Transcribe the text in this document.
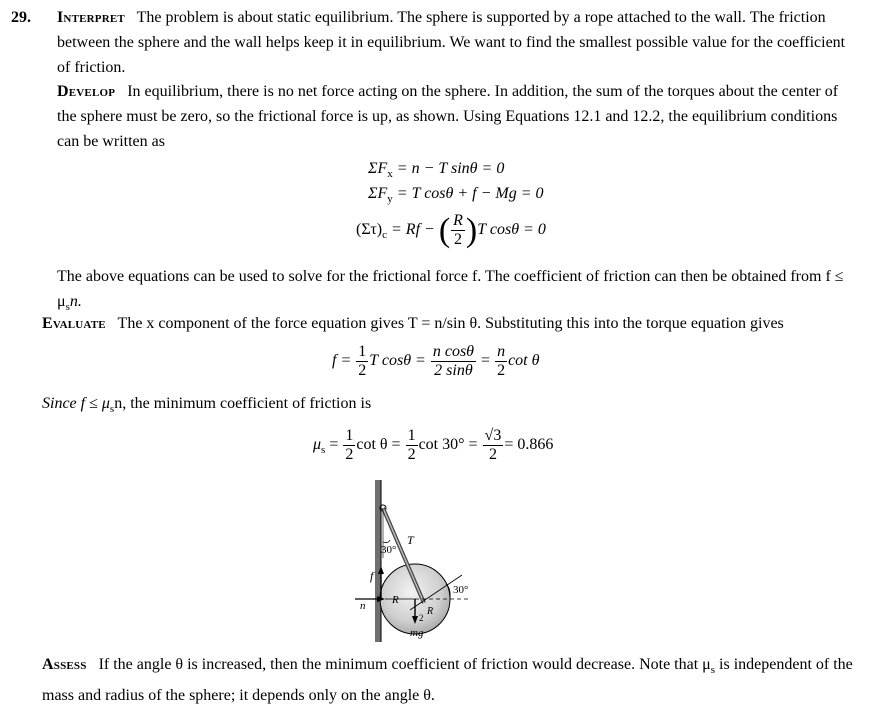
29. Interpret The problem is about static equilibrium. The sphere is supported by a rope attached to the wall. The friction between the sphere and the wall helps keep it in equilibrium. We want to find the smallest possible value for the coefficient of friction.
Develop In equilibrium, there is no net force acting on the sphere. In addition, the sum of the torques about the center of the sphere must be zero, so the frictional force is up, as shown. Using Equations 12.1 and 12.2, the equilibrium conditions can be written as
$\Sigma F_x = n - T$ sinθ = 0
$\Sigma F_y = T$ cosθ + f − Mg = 0
$(\Sigma\tau)_c = Rf$ − ( $\frac{R}{2} )T$ cosθ = 0
The above equations can be used to solve for the frictional force f. The coefficient of friction can then be obtained from $f \le \mu_sn$.
Evaluate The x component of the force equation gives T = n/sin θ. Substituting this into the torque equation gives
$f = \frac{1}{2}$ T $\cos\theta = \frac{\text{n cosθ}}{2 \sin\theta} = \frac{n}{2}$ cot θ
Since $f \le \mu_sn$, the minimum coefficient of friction is
$\mu_s = \frac{1}{2}$ $\cot \theta = \frac{1}{2}$ $\cot 30^\circ = \frac{√3}{2} = 0.866$
T
30°
30°
f
n R
R
2
mg
Assess If the angle θ is increased, then the minimum coefficient of friction would decrease. Note that $\mu_s$ is independent of the mass and radius of the sphere; it depends only on the angle θ.
